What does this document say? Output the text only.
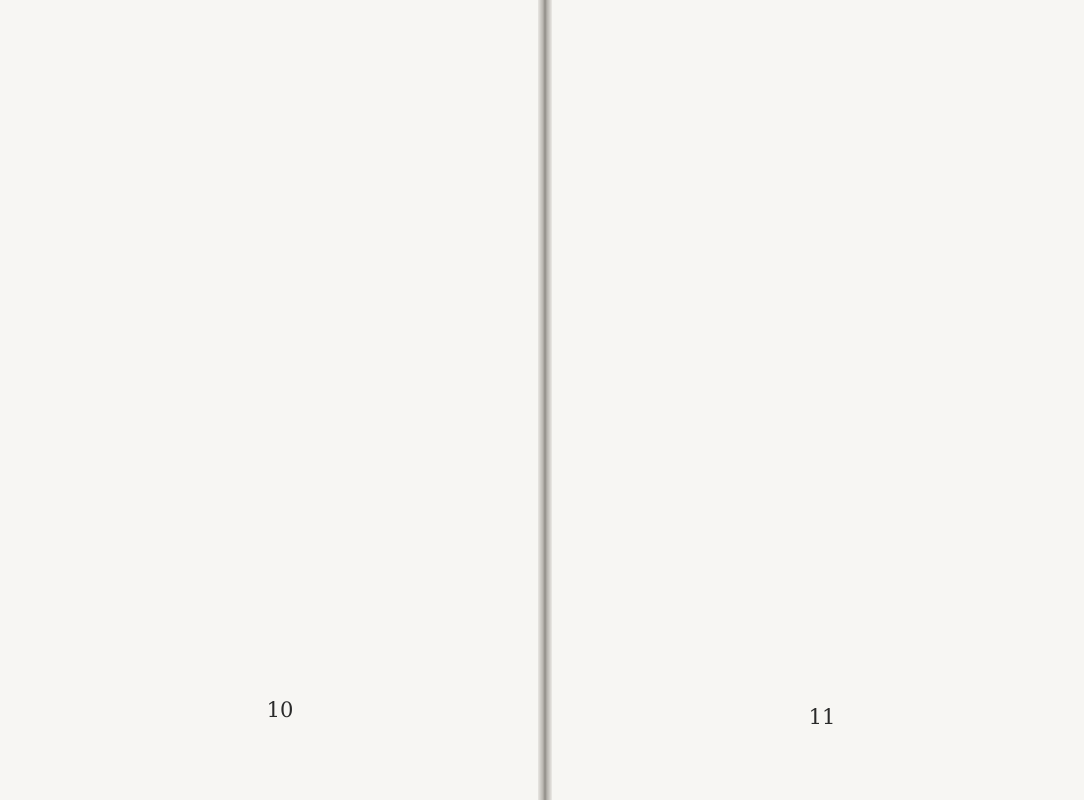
10	11
